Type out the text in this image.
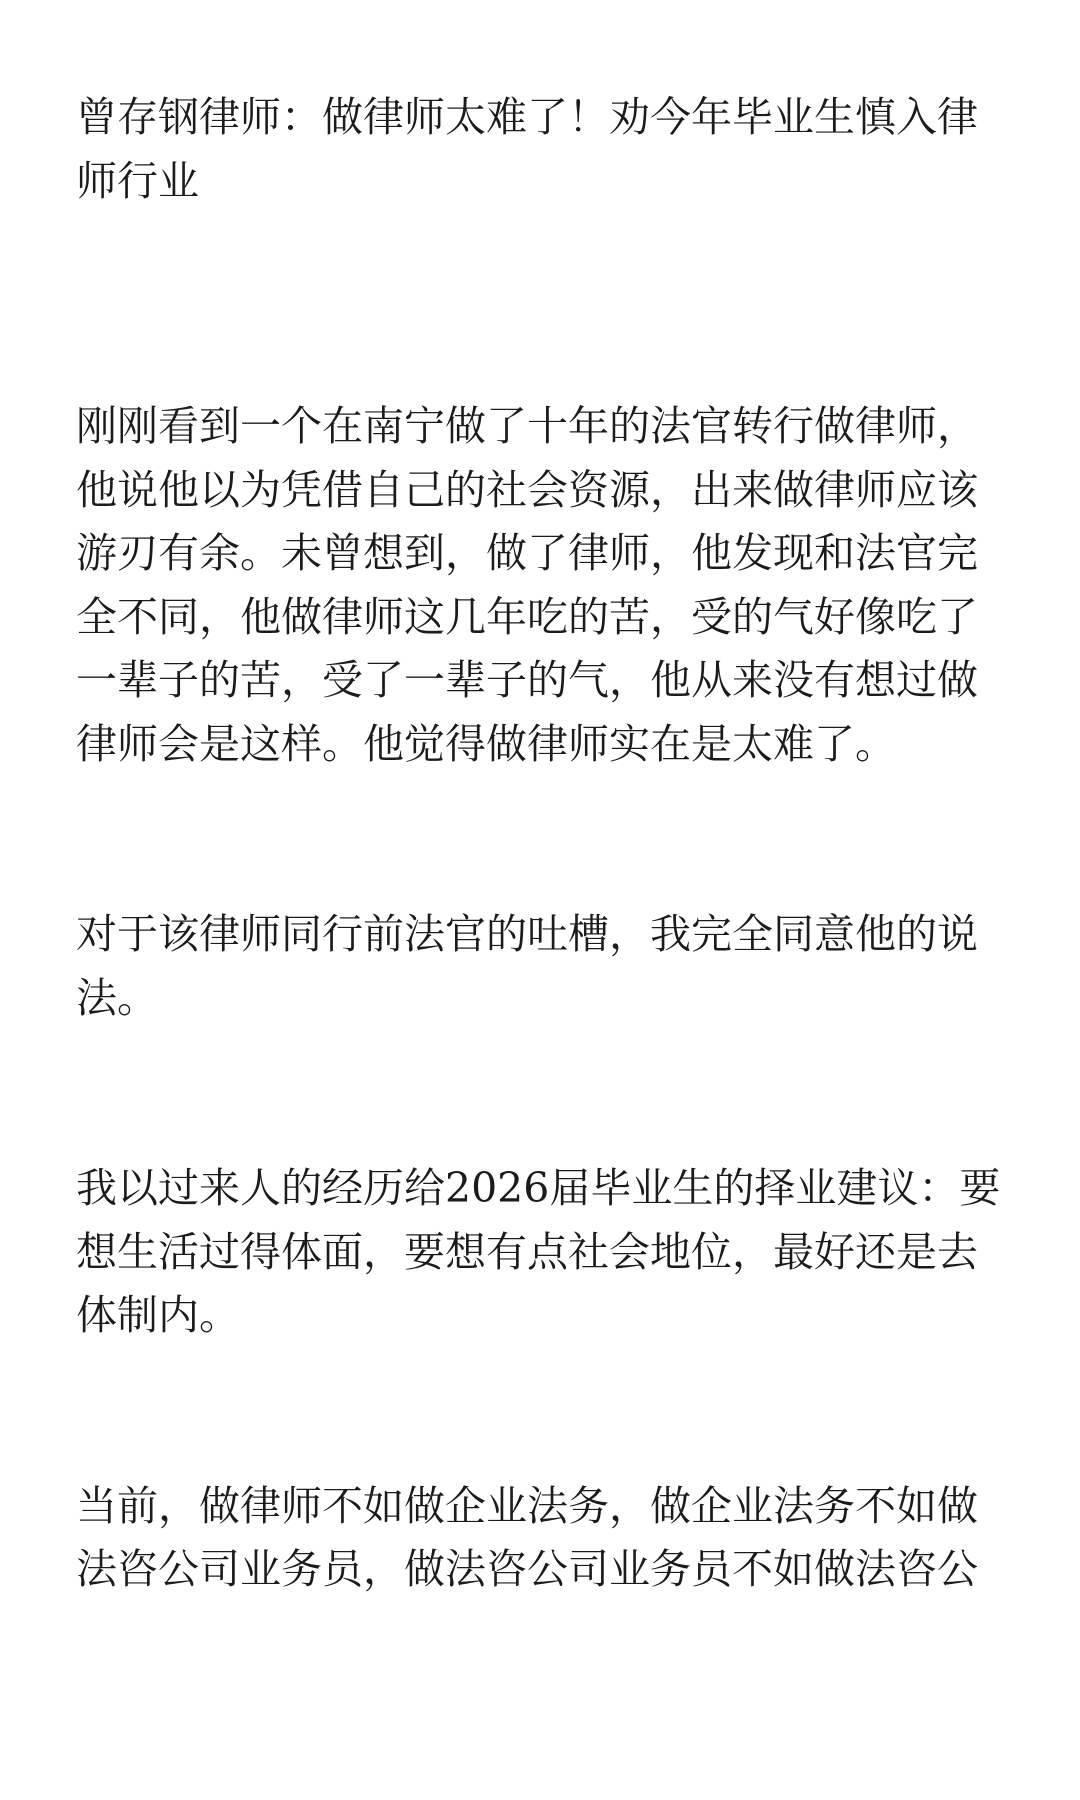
曾存钢律师：做律师太难了！劝今年毕业生慎入律师行业

刚刚看到一个在南宁做了十年的法官转行做律师，他说他以为凭借自己的社会资源，出来做律师应该游刃有余。未曾想到，做了律师，他发现和法官完全不同，他做律师这几年吃的苦，受的气好像吃了一辈子的苦，受了一辈子的气，他从来没有想过做律师会是这样。他觉得做律师实在是太难了。

对于该律师同行前法官的吐槽，我完全同意他的说法。

我以过来人的经历给2026届毕业生的择业建议：要想生活过得体面，要想有点社会地位，最好还是去体制内。

当前，做律师不如做企业法务，做企业法务不如做法咨公司业务员，做法咨公司业务员不如做法咨公
